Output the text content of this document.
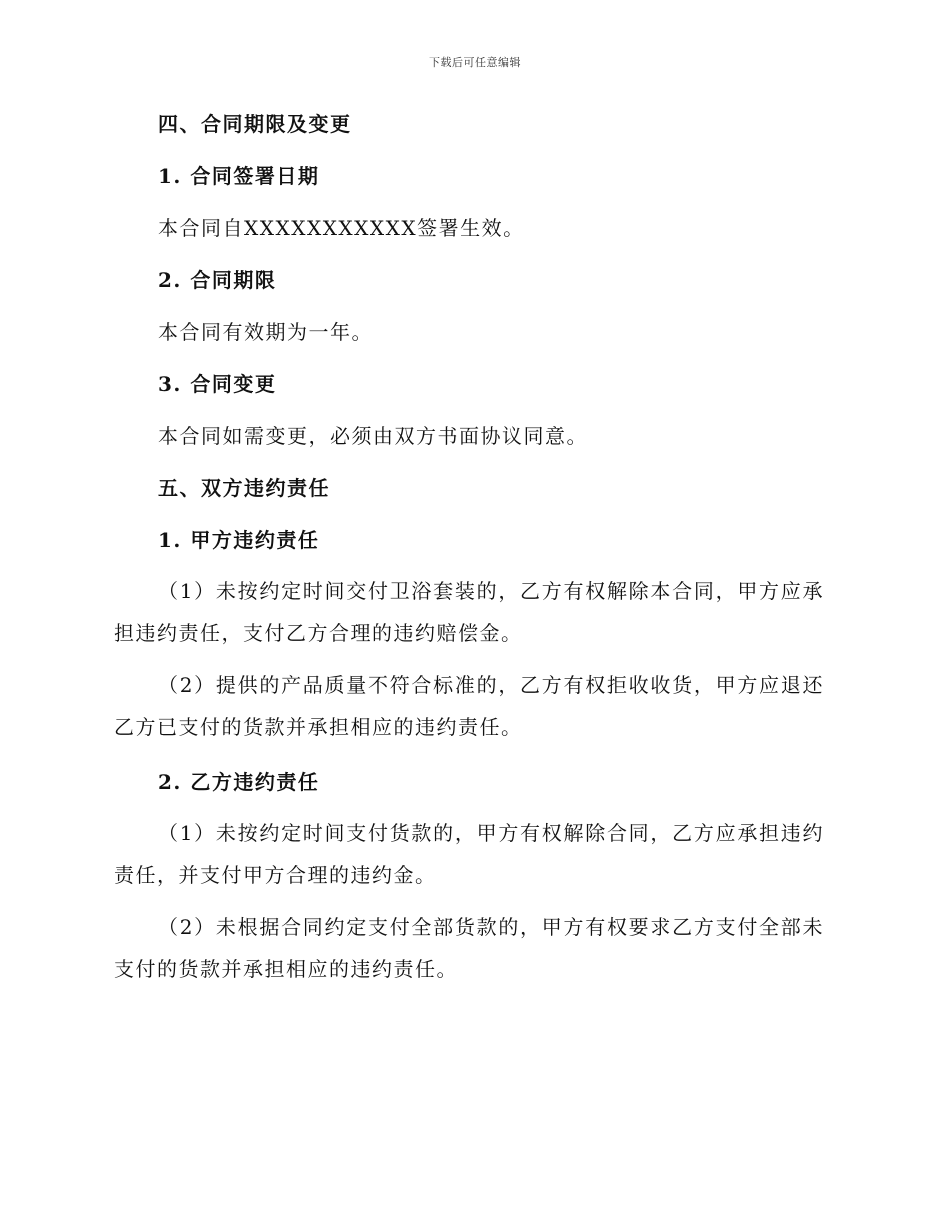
下载后可任意编辑
四、合同期限及变更
1. 合同签署日期
本合同自XXXXXXXXXXX签署生效。
2. 合同期限
本合同有效期为一年。
3. 合同变更
本合同如需变更，必须由双方书面协议同意。
五、双方违约责任
1. 甲方违约责任
（1）未按约定时间交付卫浴套装的，乙方有权解除本合同，甲方应承担违约责任，支付乙方合理的违约赔偿金。
（2）提供的产品质量不符合标准的，乙方有权拒收收货，甲方应退还乙方已支付的货款并承担相应的违约责任。
2. 乙方违约责任
（1）未按约定时间支付货款的，甲方有权解除合同，乙方应承担违约责任，并支付甲方合理的违约金。
（2）未根据合同约定支付全部货款的，甲方有权要求乙方支付全部未支付的货款并承担相应的违约责任。
